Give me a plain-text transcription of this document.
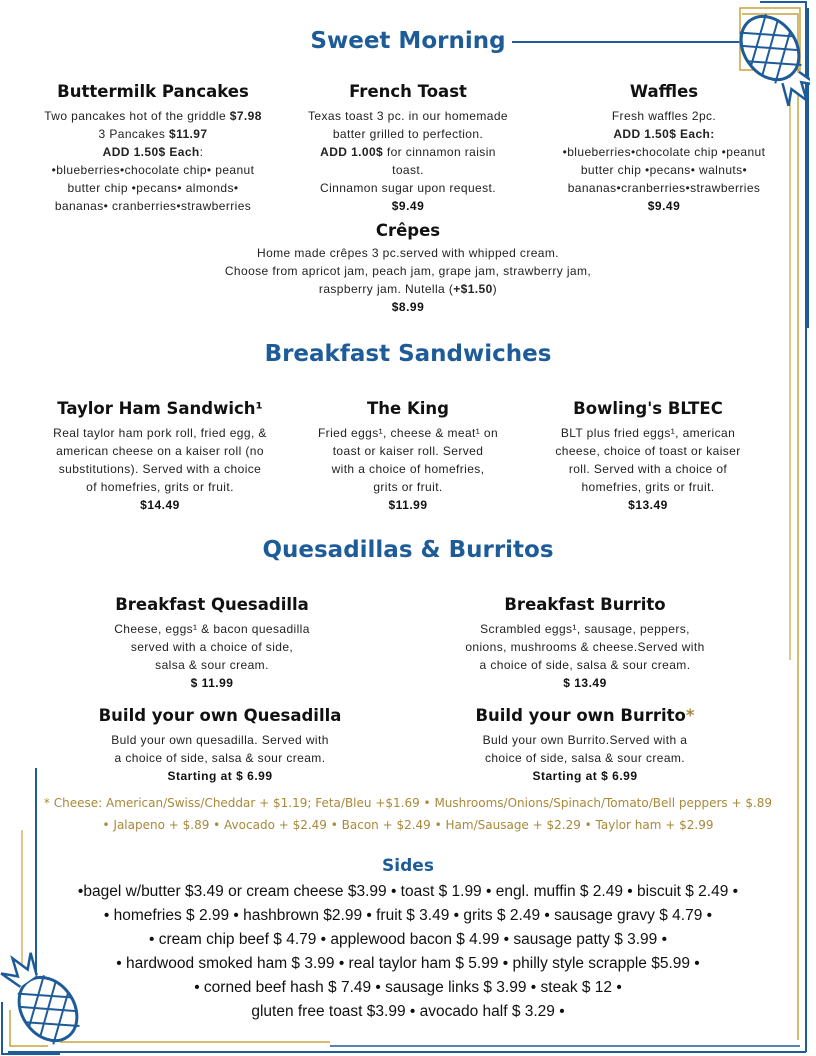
Sweet Morning
Buttermilk Pancakes
Two pancakes hot of the griddle $7.98
3 Pancakes $11.97
ADD 1.50$ Each:
•blueberries•chocolate chip• peanut
butter chip •pecans• almonds•
bananas• cranberries•strawberries
French Toast
Texas toast 3 pc. in our homemade
batter grilled to perfection.
ADD 1.00$ for cinnamon raisin
toast.
Cinnamon sugar upon request.
$9.49
Waffles
Fresh waffles 2pc.
ADD 1.50$ Each:
•blueberries•chocolate chip •peanut
butter chip •pecans• walnuts•
bananas•cranberries•strawberries
$9.49
Crêpes
Home made crêpes 3 pc.served with whipped cream.
Choose from apricot jam, peach jam, grape jam, strawberry jam,
raspberry jam. Nutella (+$1.50)
$8.99
Breakfast Sandwiches
Taylor Ham Sandwich¹
Real taylor ham pork roll, fried egg, &
american cheese on a kaiser roll (no
substitutions). Served with a choice
of homefries, grits or fruit.
$14.49
The King
Fried eggs¹, cheese & meat¹ on
toast or kaiser roll. Served
with a choice of homefries,
grits or fruit.
$11.99
Bowling's BLTEC
BLT plus fried eggs¹, american
cheese, choice of toast or kaiser
roll. Served with a choice of
homefries, grits or fruit.
$13.49
Quesadillas & Burritos
Breakfast Quesadilla
Cheese, eggs¹ & bacon quesadilla
served with a choice of side,
salsa & sour cream.
$ 11.99
Breakfast Burrito
Scrambled eggs¹, sausage, peppers,
onions, mushrooms & cheese.Served with
a choice of side, salsa & sour cream.
$ 13.49
Build your own Quesadilla
Buld your own quesadilla. Served with
a choice of side, salsa & sour cream.
Starting at $ 6.99
Build your own Burrito*
Buld your own Burrito.Served with a
choice of side, salsa & sour cream.
Starting at $ 6.99
* Cheese: American/Swiss/Cheddar + $1.19; Feta/Bleu +$1.69 • Mushrooms/Onions/Spinach/Tomato/Bell peppers + $.89
• Jalapeno + $.89 • Avocado + $2.49 • Bacon + $2.49 • Ham/Sausage + $2.29 • Taylor ham + $2.99
Sides
•bagel w/butter $3.49 or cream cheese $3.99 • toast $ 1.99 • engl. muffin $ 2.49 • biscuit $ 2.49 •
• homefries $ 2.99 • hashbrown $2.99 • fruit $ 3.49 • grits $ 2.49 • sausage gravy $ 4.79 •
• cream chip beef $ 4.79 • applewood bacon $ 4.99 • sausage patty $ 3.99 •
• hardwood smoked ham $ 3.99 • real taylor ham $ 5.99 • philly style scrapple $5.99 •
• corned beef hash $ 7.49 • sausage links $ 3.99 • steak $ 12 •
gluten free toast $3.99 • avocado half $ 3.29 •
